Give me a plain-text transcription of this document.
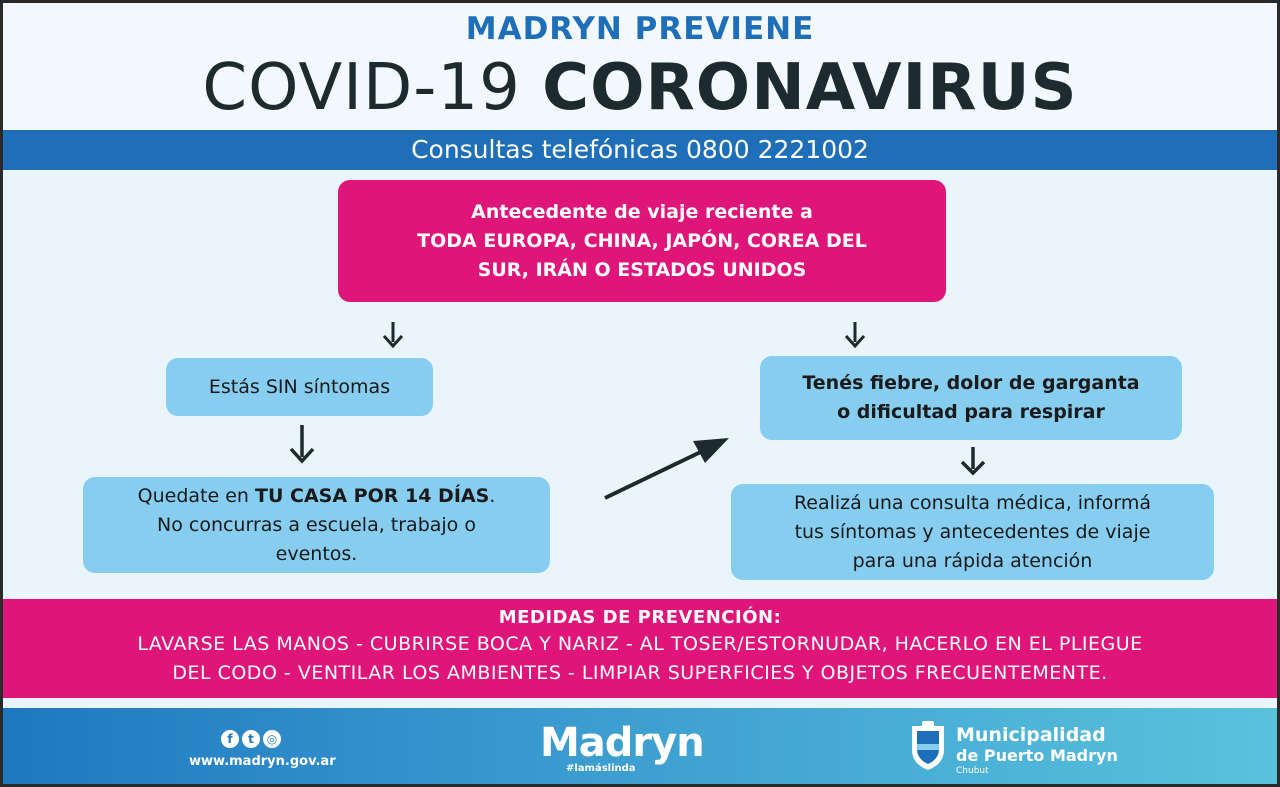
MADRYN PREVIENE
COVID-19 CORONAVIRUS
Consultas telefónicas 0800 2221002
Antecedente de viaje reciente a
TODA EUROPA, CHINA, JAPÓN, COREA DEL
SUR, IRÁN O ESTADOS UNIDOS
Estás SIN síntomas	Tenés fiebre, dolor de garganta
o dificultad para respirar
Quedate en TU CASA POR 14 DÍAS.
No concurras a escuela, trabajo o
eventos.
Realizá una consulta médica, informá
tus síntomas y antecedentes de viaje
para una rápida atención
MEDIDAS DE PREVENCIÓN:
LAVARSE LAS MANOS - CUBRIRSE BOCA Y NARIZ - AL TOSER/ESTORNUDAR, HACERLO EN EL PLIEGUE
DEL CODO - VENTILAR LOS AMBIENTES - LIMPIAR SUPERFICIES Y OBJETOS FRECUENTEMENTE.
f t ◎
www.madryn.gov.ar	Madryn
#lamáslinda
Municipalidad
de Puerto Madryn
Chubut
